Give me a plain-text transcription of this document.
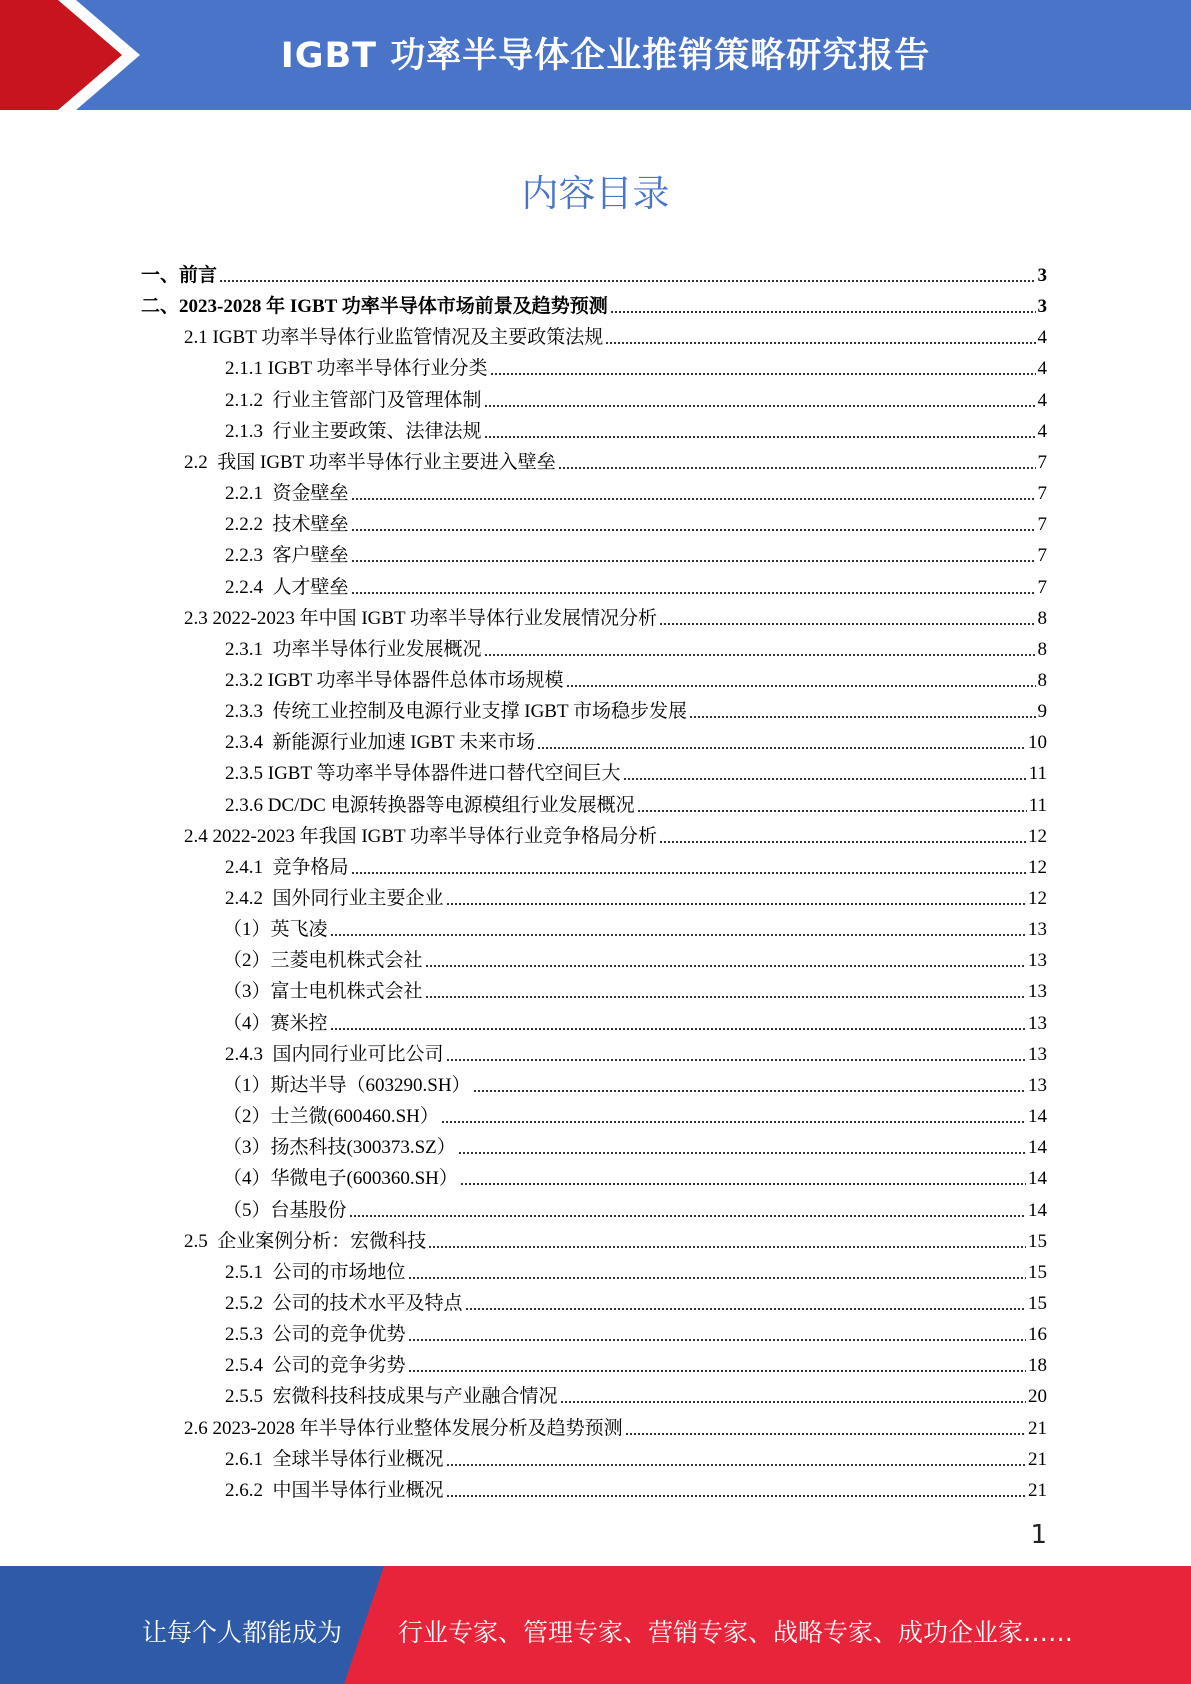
IGBT 功率半导体企业推销策略研究报告
内容目录
一、前言	3
二、2023-2028 年 IGBT 功率半导体市场前景及趋势预测	3
2.1 IGBT 功率半导体行业监管情况及主要政策法规	4
2.1.1 IGBT 功率半导体行业分类	4
2.1.2  行业主管部门及管理体制	4
2.1.3  行业主要政策、法律法规	4
2.2  我国 IGBT 功率半导体行业主要进入壁垒	7
2.2.1  资金壁垒	7
2.2.2  技术壁垒	7
2.2.3  客户壁垒	7
2.2.4  人才壁垒	7
2.3 2022-2023 年中国 IGBT 功率半导体行业发展情况分析	8
2.3.1  功率半导体行业发展概况	8
2.3.2 IGBT 功率半导体器件总体市场规模	8
2.3.3  传统工业控制及电源行业支撑 IGBT 市场稳步发展	9
2.3.4  新能源行业加速 IGBT 未来市场	10
2.3.5 IGBT 等功率半导体器件进口替代空间巨大	11
2.3.6 DC/DC 电源转换器等电源模组行业发展概况	11
2.4 2022-2023 年我国 IGBT 功率半导体行业竞争格局分析	12
2.4.1  竞争格局	12
2.4.2  国外同行业主要企业	12
（1）英飞凌	13
（2）三菱电机株式会社	13
（3）富士电机株式会社	13
（4）赛米控	13
2.4.3  国内同行业可比公司	13
（1）斯达半导（603290.SH）	13
（2）士兰微(600460.SH）	14
（3）扬杰科技(300373.SZ）	14
（4）华微电子(600360.SH）	14
（5）台基股份	14
2.5  企业案例分析：宏微科技	15
2.5.1  公司的市场地位	15
2.5.2  公司的技术水平及特点	15
2.5.3  公司的竞争优势	16
2.5.4  公司的竞争劣势	18
2.5.5  宏微科技科技成果与产业融合情况	20
2.6 2023-2028 年半导体行业整体发展分析及趋势预测	21
2.6.1  全球半导体行业概况	21
2.6.2  中国半导体行业概况	21
1
让每个人都能成为 行业专家、管理专家、营销专家、战略专家、成功企业家……
